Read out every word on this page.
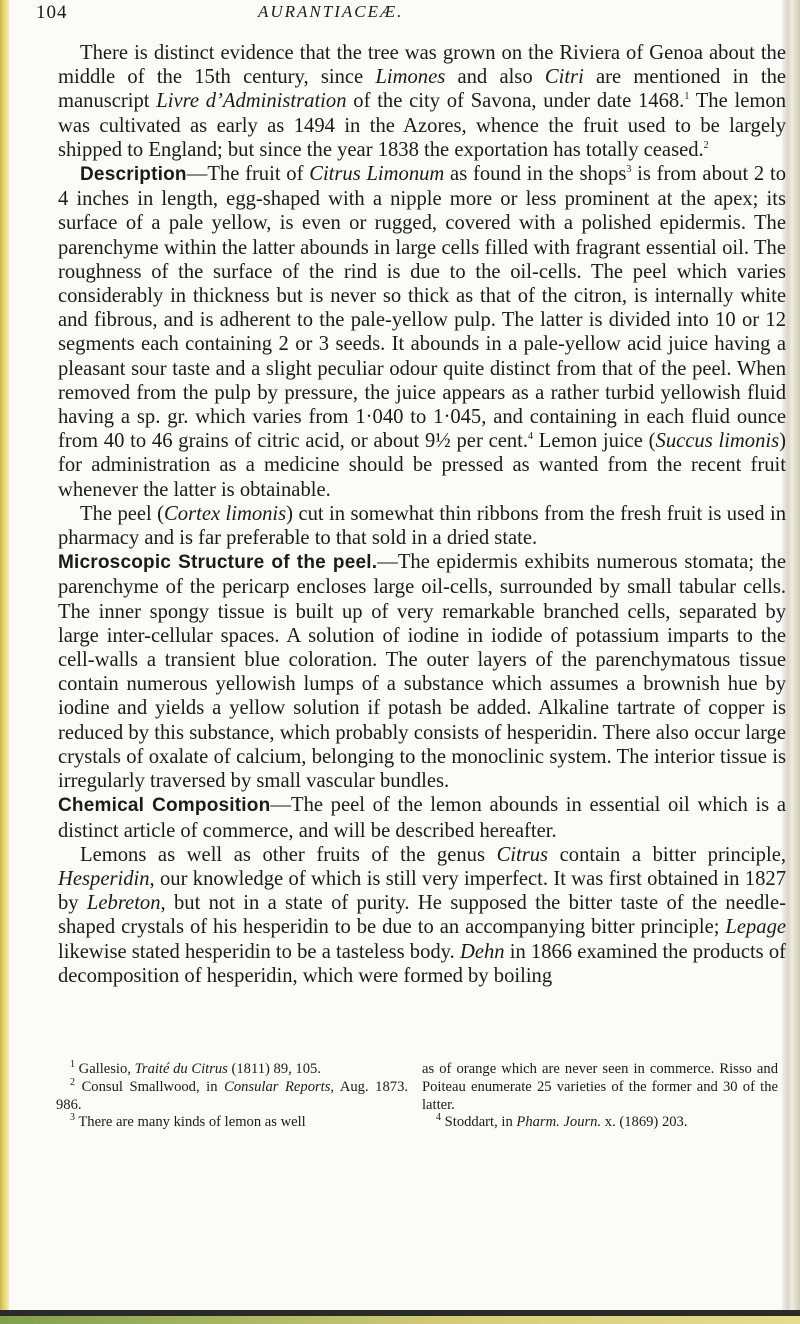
104	AURANTIACEÆ.

There is distinct evidence that the tree was grown on the Riviera of Genoa about the middle of the 15th century, since Limones and also Citri are mentioned in the manuscript Livre d’Administration of the city of Savona, under date 1468.$^1$ The lemon was cultivated as early as 1494 in the Azores, whence the fruit used to be largely shipped to England; but since the year 1838 the exportation has totally ceased.$^2$

Description—The fruit of Citrus Limonum as found in the shops$^3$ is from about 2 to 4 inches in length, egg-shaped with a nipple more or less prominent at the apex; its surface of a pale yellow, is even or rugged, covered with a polished epidermis. The parenchyme within the latter abounds in large cells filled with fragrant essential oil. The roughness of the surface of the rind is due to the oil-cells. The peel which varies considerably in thickness but is never so thick as that of the citron, is internally white and fibrous, and is adherent to the pale-yellow pulp. The latter is divided into 10 or 12 segments each containing 2 or 3 seeds. It abounds in a pale-yellow acid juice having a pleasant sour taste and a slight peculiar odour quite distinct from that of the peel. When removed from the pulp by pressure, the juice appears as a rather turbid yellowish fluid having a sp. gr. which varies from 1·040 to 1·045, and containing in each fluid ounce from 40 to 46 grains of citric acid, or about 9½ per cent.$^4$ Lemon juice (Succus limonis) for administration as a medicine should be pressed as wanted from the recent fruit whenever the latter is obtainable.

The peel (Cortex limonis) cut in somewhat thin ribbons from the fresh fruit is used in pharmacy and is far preferable to that sold in a dried state.

Microscopic Structure of the peel.—The epidermis exhibits numerous stomata; the parenchyme of the pericarp encloses large oil-cells, surrounded by small tabular cells. The inner spongy tissue is built up of very remarkable branched cells, separated by large inter-cellular spaces. A solution of iodine in iodide of potassium imparts to the cell-walls a transient blue coloration. The outer layers of the parenchymatous tissue contain numerous yellowish lumps of a substance which assumes a brownish hue by iodine and yields a yellow solution if potash be added. Alkaline tartrate of copper is reduced by this substance, which probably consists of hesperidin. There also occur large crystals of oxalate of calcium, belonging to the monoclinic system. The interior tissue is irregularly traversed by small vascular bundles.

Chemical Composition—The peel of the lemon abounds in essential oil which is a distinct article of commerce, and will be described hereafter.

Lemons as well as other fruits of the genus Citrus contain a bitter principle, Hesperidin, our knowledge of which is still very imperfect. It was first obtained in 1827 by Lebreton, but not in a state of purity. He supposed the bitter taste of the needle-shaped crystals of his hesperidin to be due to an accompanying bitter principle; Lepage likewise stated hesperidin to be a tasteless body. Dehn in 1866 examined the products of decomposition of hesperidin, which were formed by boiling

$^1$ Gallesio, Traité du Citrus (1811) 89, 105.

$^2$ Consul Smallwood, in Consular Reports, Aug. 1873. 986.

$^3$ There are many kinds of lemon as well

as of orange which are never seen in commerce. Risso and Poiteau enumerate 25 varieties of the former and 30 of the latter.

$^4$ Stoddart, in Pharm. Journ. x. (1869) 203.
